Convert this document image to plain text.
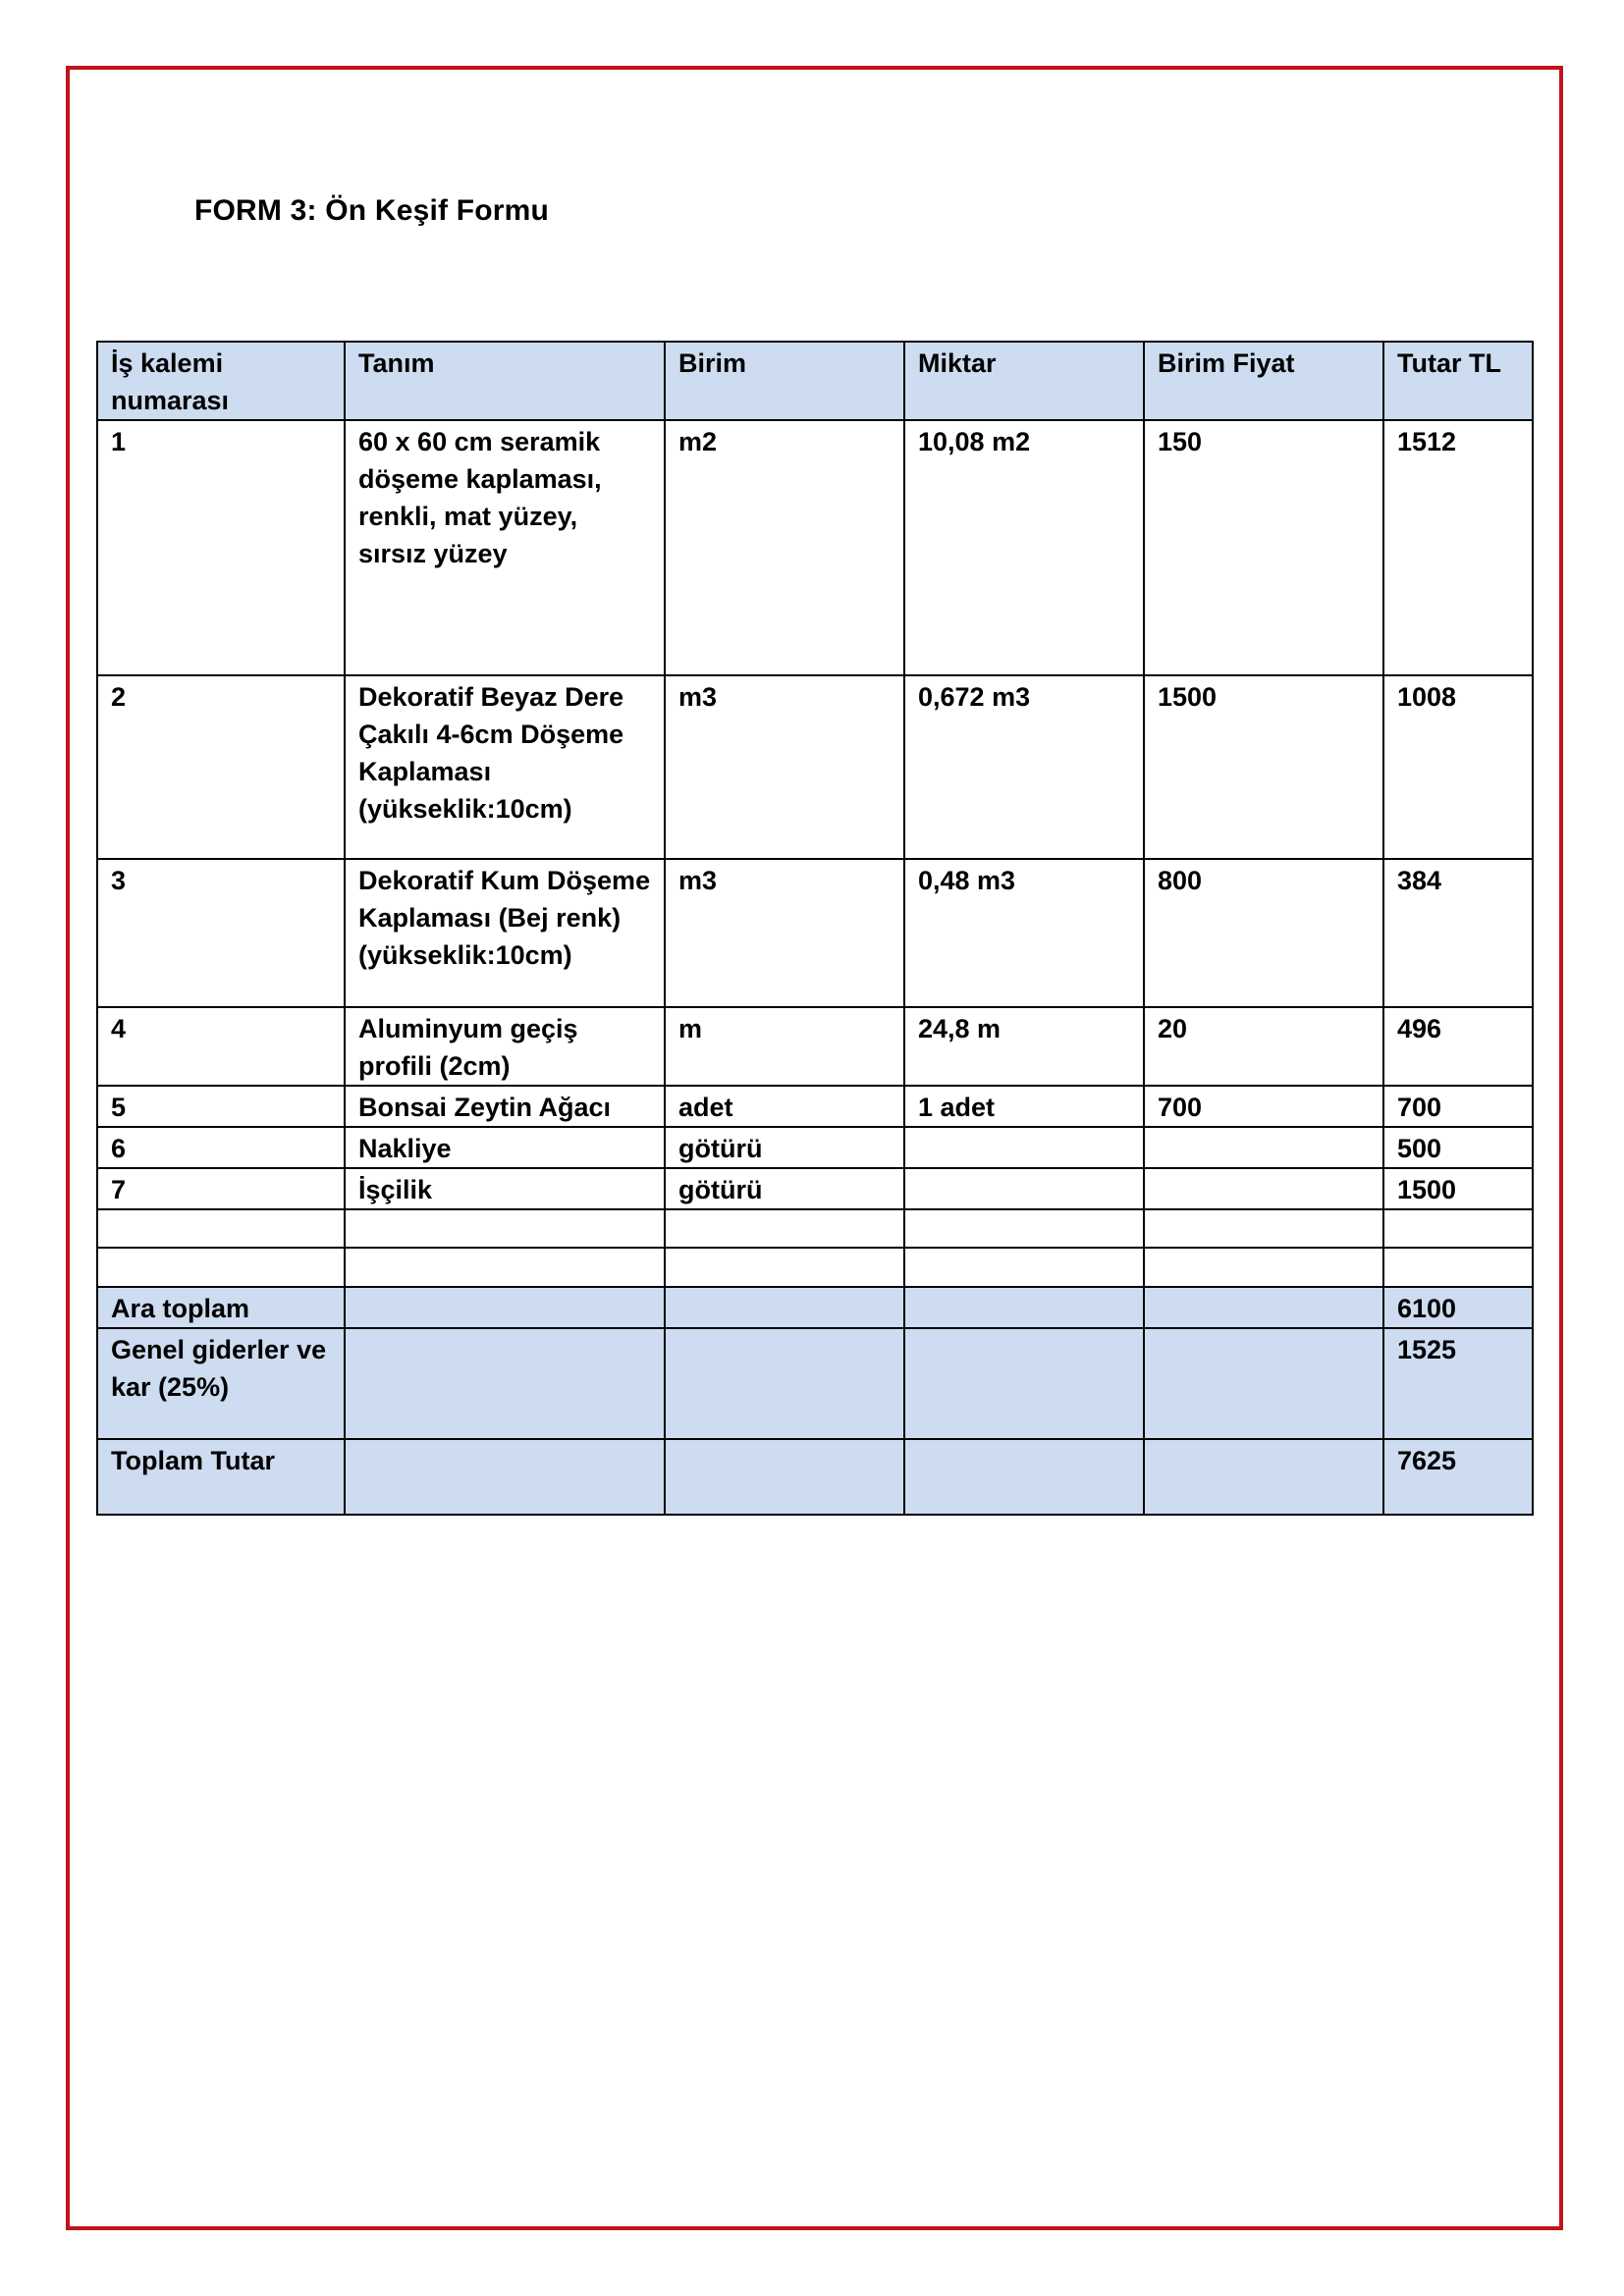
FORM 3: Ön Keşif Formu
İş kalemi numarası	Tanım	Birim	Miktar	Birim Fiyat	Tutar TL
1	60 x 60 cm seramik döşeme kaplaması, renkli, mat yüzey, sırsız yüzey	m2	10,08 m2	150	1512
2	Dekoratif Beyaz Dere Çakılı 4-6cm Döşeme Kaplaması (yükseklik:10cm)	m3	0,672 m3	1500	1008
3	Dekoratif Kum Döşeme Kaplaması (Bej renk) (yükseklik:10cm)	m3	0,48 m3	800	384
4	Aluminyum geçiş profili (2cm)	m	24,8 m	20	496
5	Bonsai Zeytin Ağacı	adet	1 adet	700	700
6	Nakliye	götürü			500
7	İşçilik	götürü			1500

Ara toplam					6100
Genel giderler ve kar (25%)					1525
Toplam Tutar					7625
